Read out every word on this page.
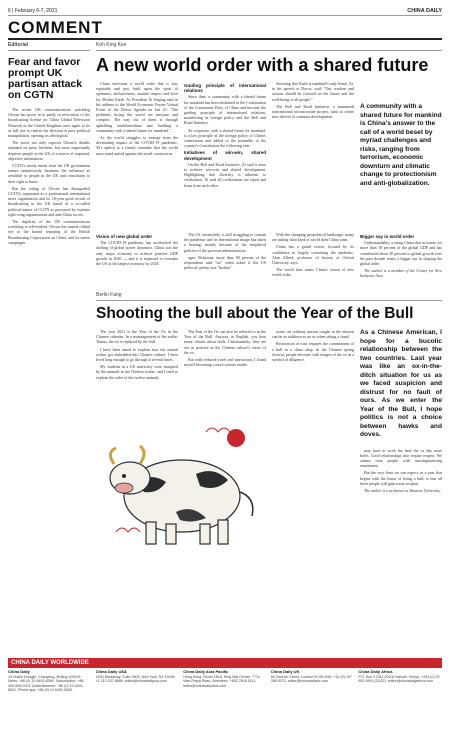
6 | February 6-7, 2021	CHINA DAILY
COMMENT
Editorial
Fear and favor prompt UK partisan attack on CGTN

The recent UK communications watchdog Ofcom has given in to partly in revocation of the broadcasting license for China Global Television Network in the United Kingdom once again to be as fall, not to realize the decision is pure political manipulation, opening its ideological.

The move not only exposes Ofcom's double standard on press freedom, but more importantly deprives people in the UK of a source of impartial, objective information.

CGTN's steady intent from the UK government ensure satisfactorily threatens the influence as available to people in the UK and contributes to their right to know.

But the ruling of Ofcom has disregarded CGTN's reputation as a professional international news organization and its 18-year good record of broadcasting in the UK based of a so-called political nature of CGTN as portrayed by extreme right-wing organizations and anti-China forces.

The duplicity of the UK communications watchdog is self-evident. Ofcom has turned a blind eye to the biased reporting of the British Broadcasting Corporation on China, and its smear campaigns.

Koh King Kee
A new world order with a shared future

China envisions a world order that is fair, equitable and just, built upon the spirit of openness, inclusiveness, mutual respect and love for Mother Earth. As President Xi Jinping said in his address to the World Economic Forum Virtual Event of the Davos Agenda on Jan 25: "The problems facing the world are intricate and complex. The way out of them is through upholding multilateralism and building a community with a shared future for mankind."

As the world struggles to emerge from the devastating impact of the COVID-19 pandemic, Xi's speech is a timely reminder that the world must stand united against the novel coronavirus.

Guiding principle of international relations

Since then, a community with a shared future for mankind has been enshrined in the Constitution of the Communist Party of China and become the guiding principle of international relations, manifesting in foreign policy and the Belt and Road Initiative.

To cooperate, with a shared future for mankind, is a key principle of the foreign policy of China's constitution and added to the preamble to the country's Constitution the following year.

Initiatives of win-win, shared development

On the Belt and Road Initiative, Xi said it aims to achieve win-win and shared development. Highlighting that diversity is inherent to civilization, Xi said all civilizations are equal and learn from each other.

Stressing that Earth is mankind's only home, Xi, in his speech at Davos, said: "Our wisdom and actions should be focused on the future and the well-being of all people."

The Belt and Road Initiative, a mammoth transnational infrastructure project, aims to create new drivers of common development.

A community with a shared future for mankind is China's answer to the call of a world beset by myriad challenges and risks, ranging from terrorism, economic downturn and climatic change to protectionism and anti-globalization.
Vision of new global order

The COVID-19 pandemic has accelerated the shifting of global power dynamics. China was the only major economy to achieve positive GDP growth in 2020 — and it is expected to overtake the US as the largest economy by 2028.

The US, meanwhile, is still struggling to contain the pandemic and its international image has taken a beating, mainly because of the misplaced policies of the previous administration.

ages. Relations, more than 80 percent of the respondents said "no" when asked if the US political system was "broken".

With the changing geopolitical landscape, many are asking what kind of world does China want.

China has a grand vision, focused by its confidence in largely containing the epidemic, Alan Alfred, professor of history at Oxford University, says.

The world thus wants China's vision of new world order.

Bigger say in world order

Understandably, a rising China that accounts for more than 18 percent of the global GDP and has contributed about 30 percent to global growth over the past decade wants a bigger say in shaping the global order.

The author is a member of the Center for New Inclusive Asia.

Berlin Fang
Shooting the bull about the Year of the Bull

The year 2021 is the Year of the Ox in the Chinese calendar. In a rearrangement of the zodiac Taurus, the ox is replaced by the bull.

I have been asked to explain how the animal zodiac got embedded into Chinese culture. I have lived long enough to go through it several times.

My students in a US university were intrigued by the animals in the Chinese zodiac, and I tried to explain the order of the twelve animals.

The Year of the Ox can also be referred to as the Year of the Bull. Anyway, in English, you hear many idioms about bulls. Unfortunately, they are not as positive as the Chinese culture's views of the ox.

But with reduced travel and interaction, I found myself becoming a more serious reader.

scene, an ordinary person caught in the tension can be as stubborn as an ox when taking a stand.

Restoration of trust requires the commitment of a bull in a china shop. In the Chinese spring festival, people decorate with images of the ox as a symbol of diligence.

As a Chinese American, I hope for a bucolic relationship between the two countries. Last year was like an ox-in-the-ditch situation for us as we faced suspicion and distrust for no fault of ours. As we enter the Year of the Bull, I hope politics is not a choice between hawks and doves.

may have to work the land the ox has more holes. Good relationships also require respect. We cannot treat people with uncompromising resentment.

But the very least we can expect, in a year that begins with the honor of being a bull, is that all these people will gain some wisdom.

The author is a professor at Shantou University.

CHINA DAILY WORLDWIDE
China Daily
15 Huixin Dongjie, Chaoyang, Beijing 100029. News: +86 (0) 10 6491-8366. Subscription: +86 400-699-0203. Advertisement: +86 (0) 10 6491-8631. Phone app: +86 (0) 10 6491-0528.
China Daily USA
1500 Broadway, Suite 2800, New York, NY 10036. +1 212 537 8888. editor@chinadailyusa.com
China Daily Asia Pacific
Hong Kong: Room 1818, Hing Wai Centre, 7 Tin Wan Praya Road, Aberdeen. +852 2518 5111. editor@chinadailyasia.com
China Daily UK
90 Cannon Street, London EC4N 6HA. +44 (0) 207 398 8270. editor@chinadailyuk.com
China Daily Africa
P.O. Box 27281-00100 Nairobi, Kenya. +254 (0) 20 692 0900 (20/22). editor@chinadailyafrica.com
